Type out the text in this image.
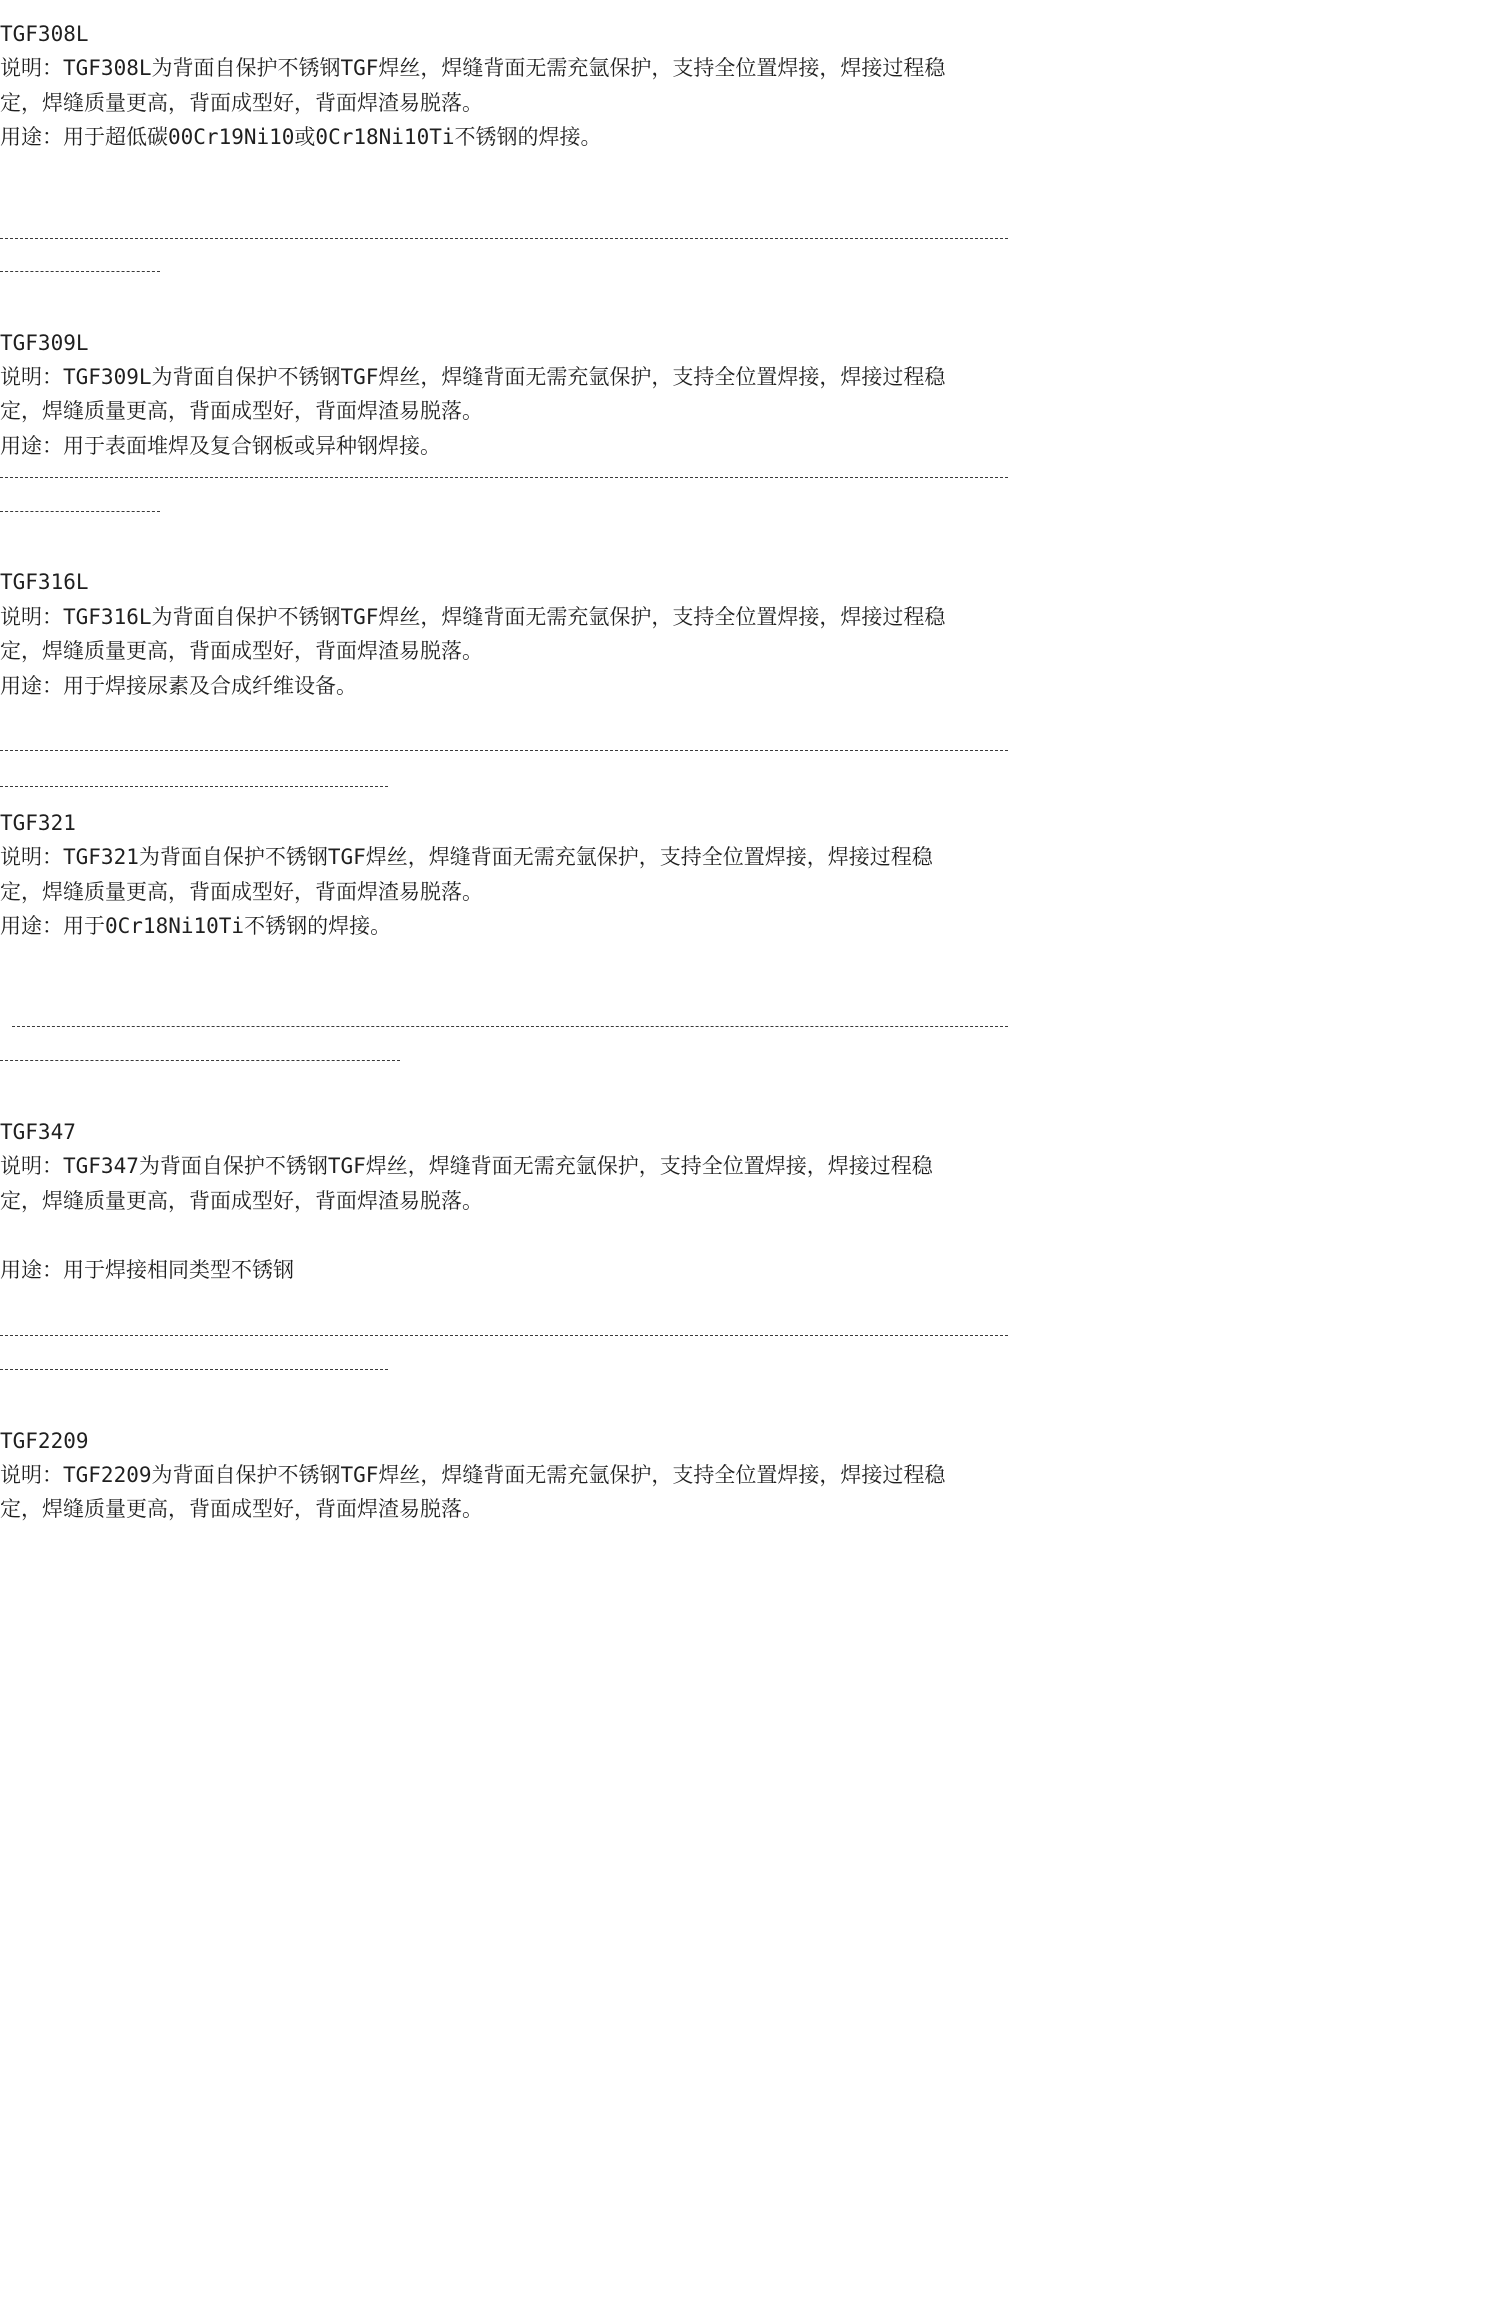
TGF308L
说明：TGF308L为背面自保护不锈钢TGF焊丝，焊缝背面无需充氩保护，支持全位置焊接，焊接过程稳
定，焊缝质量更高，背面成型好，背面焊渣易脱落。
用途：用于超低碳00Cr19Ni10或0Cr18Ni10Ti不锈钢的焊接。
TGF309L
说明：TGF309L为背面自保护不锈钢TGF焊丝，焊缝背面无需充氩保护，支持全位置焊接，焊接过程稳
定，焊缝质量更高，背面成型好，背面焊渣易脱落。
用途：用于表面堆焊及复合钢板或异种钢焊接。
TGF316L
说明：TGF316L为背面自保护不锈钢TGF焊丝，焊缝背面无需充氩保护，支持全位置焊接，焊接过程稳
定，焊缝质量更高，背面成型好，背面焊渣易脱落。
用途：用于焊接尿素及合成纤维设备。
TGF321
说明：TGF321为背面自保护不锈钢TGF焊丝，焊缝背面无需充氩保护，支持全位置焊接，焊接过程稳
定，焊缝质量更高，背面成型好，背面焊渣易脱落。
用途：用于0Cr18Ni10Ti不锈钢的焊接。
TGF347
说明：TGF347为背面自保护不锈钢TGF焊丝，焊缝背面无需充氩保护，支持全位置焊接，焊接过程稳
定，焊缝质量更高，背面成型好，背面焊渣易脱落。
用途：用于焊接相同类型不锈钢
TGF2209
说明：TGF2209为背面自保护不锈钢TGF焊丝，焊缝背面无需充氩保护，支持全位置焊接，焊接过程稳
定，焊缝质量更高，背面成型好，背面焊渣易脱落。
